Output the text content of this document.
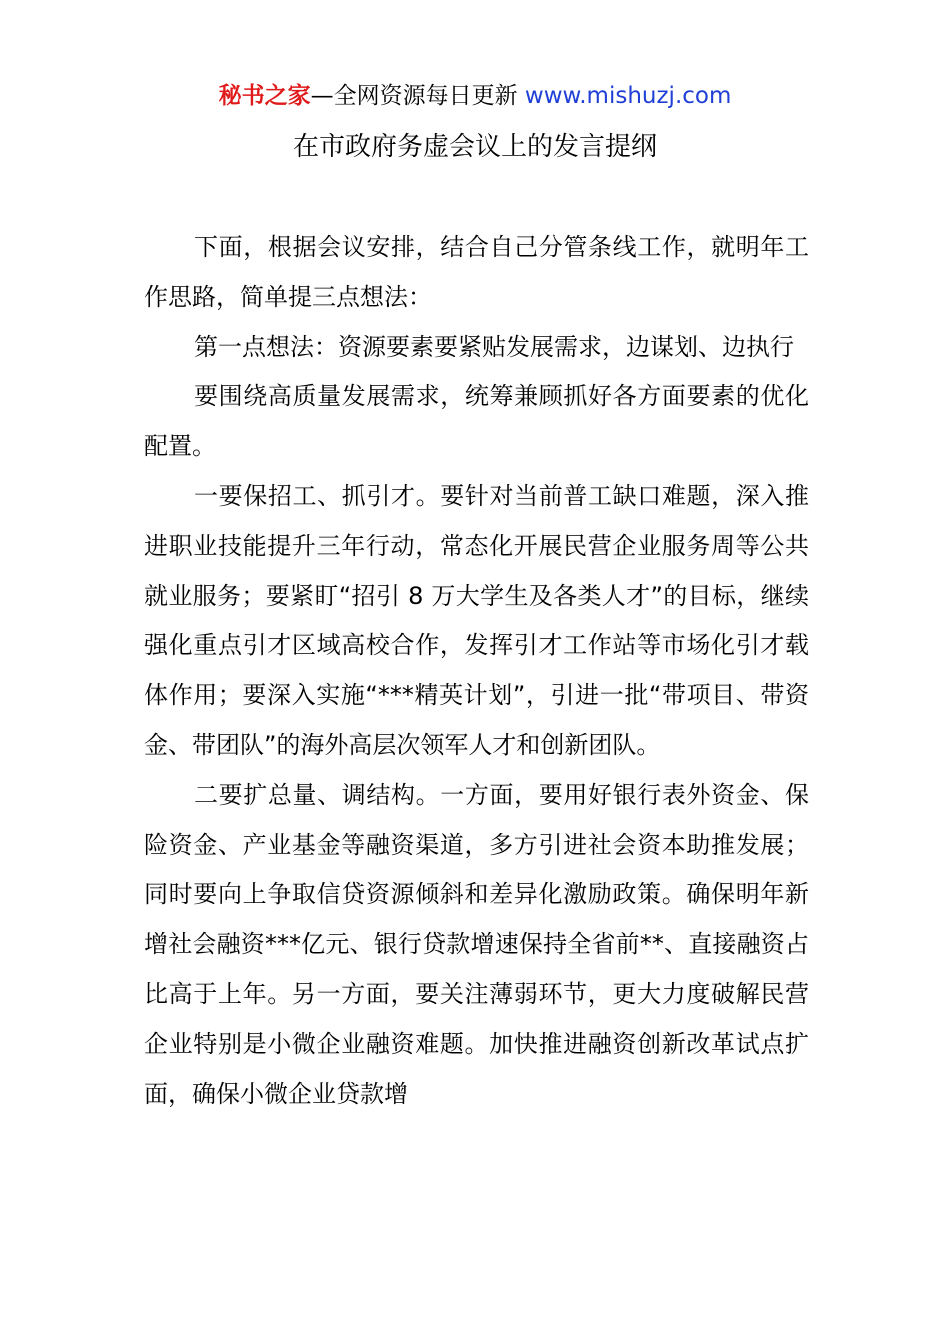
秘书之家—全网资源每日更新 www.mishuzj.com
在市政府务虚会议上的发言提纲

下面，根据会议安排，结合自己分管条线工作，就明年工作思路，简单提三点想法：

第一点想法：资源要素要紧贴发展需求，边谋划、边执行

要围绕高质量发展需求，统筹兼顾抓好各方面要素的优化配置。

一要保招工、抓引才。要针对当前普工缺口难题，深入推进职业技能提升三年行动，常态化开展民营企业服务周等公共就业服务；要紧盯“招引 8 万大学生及各类人才”的目标，继续强化重点引才区域高校合作，发挥引才工作站等市场化引才载体作用；要深入实施“***精英计划”，引进一批“带项目、带资金、带团队”的海外高层次领军人才和创新团队。

二要扩总量、调结构。一方面，要用好银行表外资金、保险资金、产业基金等融资渠道，多方引进社会资本助推发展；同时要向上争取信贷资源倾斜和差异化激励政策。确保明年新增社会融资***亿元、银行贷款增速保持全省前**、直接融资占比高于上年。另一方面，要关注薄弱环节，更大力度破解民营企业特别是小微企业融资难题。加快推进融资创新改革试点扩面，确保小微企业贷款增
